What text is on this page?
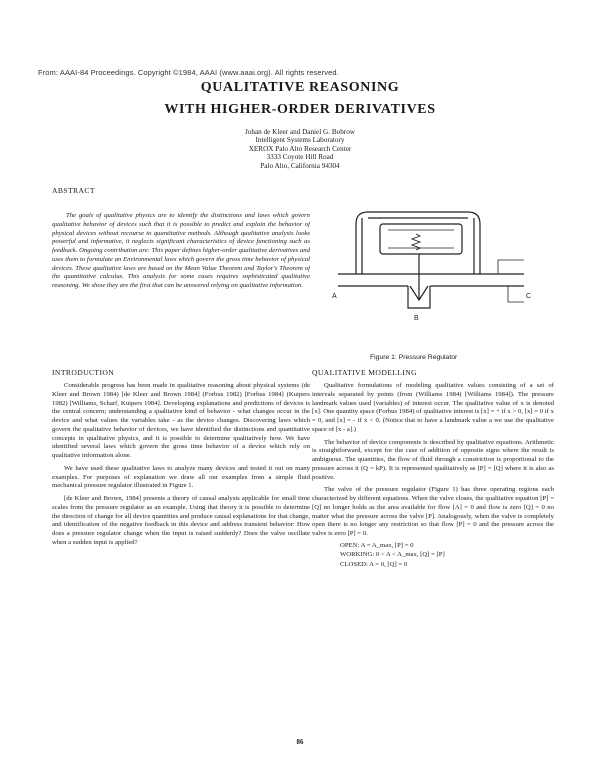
From: AAAI-84 Proceedings. Copyright ©1984, AAAI (www.aaai.org). All rights reserved.
QUALITATIVE REASONING
WITH HIGHER-ORDER DERIVATIVES
Johan de Kleer and Daniel G. Bobrow
Intelligent Systems Laboratory
XEROX Palo Alto Research Center
3333 Coyote Hill Road
Palo Alto, California 94304
ABSTRACT
The goals of qualitative physics are to identify the distinctions and laws which govern qualitative behavior of devices such that it is possible to predict and explain the behavior of physical devices without recourse to quantitative methods. Although qualitative analysis looks powerful and informative, it neglects significant characteristics of device functioning such as feedback. Ongoing contribution are: This paper defines higher-order qualitative derivatives and uses them to formulate an Environmental laws which govern the gross time behavior of physical devices. These qualitative laws are based on the Mean Value Theorem and Taylor's Theorem of the quantitative calculus. This analysis for some cases requires sophisticated qualitative reasoning. We show they are the first that can be answered relying on qualitative information.
A
B
C
Figure 1: Pressure Regulator
INTRODUCTION

Considerable progress has been made in qualitative reasoning about physical systems (de Kleer and Brown 1984) [de Kleer and Brown 1984] (Forbus 1982) [Forbus 1984] (Kuipers 1982) [Williams, Scharf, Kuipers 1984]. Developing explanations and predictions of devices is the central concern; understanding a qualitative kind of behavior - what changes occur in the device and what values the variables take - as the device changes. Discovering laws which govern the qualitative behavior of devices, we have identified the distinctions and quantitative concepts in qualitative physics, and it is possible to determine qualitatively how. We have identified several laws which govern the gross time behavior of a device which rely on qualitative information alone.

We have used these qualitative laws to analyze many devices and tested it out on many examples. For purposes of explanation we draw all our examples from a simple fluid mechanical pressure regulator illustrated in Figure 1.

[de Kleer and Brown, 1984] presents a theory of causal analysis applicable for small time scales from the pressure regulator as an example. Using that theory it is possible to determine the direction of change for all device quantities and produce causal explanations for that change, and identification of the negative feedback in this device and address transient behavior: How does a pressure regulator change when the input is raised suddenly? Does the valve oscillate when a sudden input is applied?

QUALITATIVE MODELLING

Qualitative formulations of modeling qualitative values consisting of a set of intervals separated by points (from (Williams 1984) [Williams 1984]). The pressure landmark values used (variables) of interest occur. The qualitative value of x is denoted [x]. One quantity space (Forbus 1984) of qualitative interest is [x] = + if x > 0, [x] = 0 if x = 0, and [x] = - if x < 0. (Notice that to have a landmark value a we use the qualitative space of [x - a].)

The behavior of device components is described by qualitative equations. Arithmetic is straightforward, except for the case of addition of opposite signs where the result is ambiguous. The quantities, the flow of fluid through a constriction is proportional to the pressure across it (Q = kP). It is represented qualitatively as [P] = [Q] where it is also as positive.

The valve of the pressure regulator (Figure 1) has three operating regions each characterized by different equations. When the valve closes, the qualitative equation [P] = [Q] no longer holds as the area available for flow [A] = 0 and flow is zero [Q] = 0 no matter what the pressure across the valve [P]. Analogously, when the valve is completely open there is no longer any restriction so that flow [P] = 0 and the pressure across the valve is zero [P] = 0.

OPEN: A = A_max, [P] = 0
WORKING: 0 < A < A_max, [Q] = [P]
CLOSED: A = 0, [Q] = 0
86
